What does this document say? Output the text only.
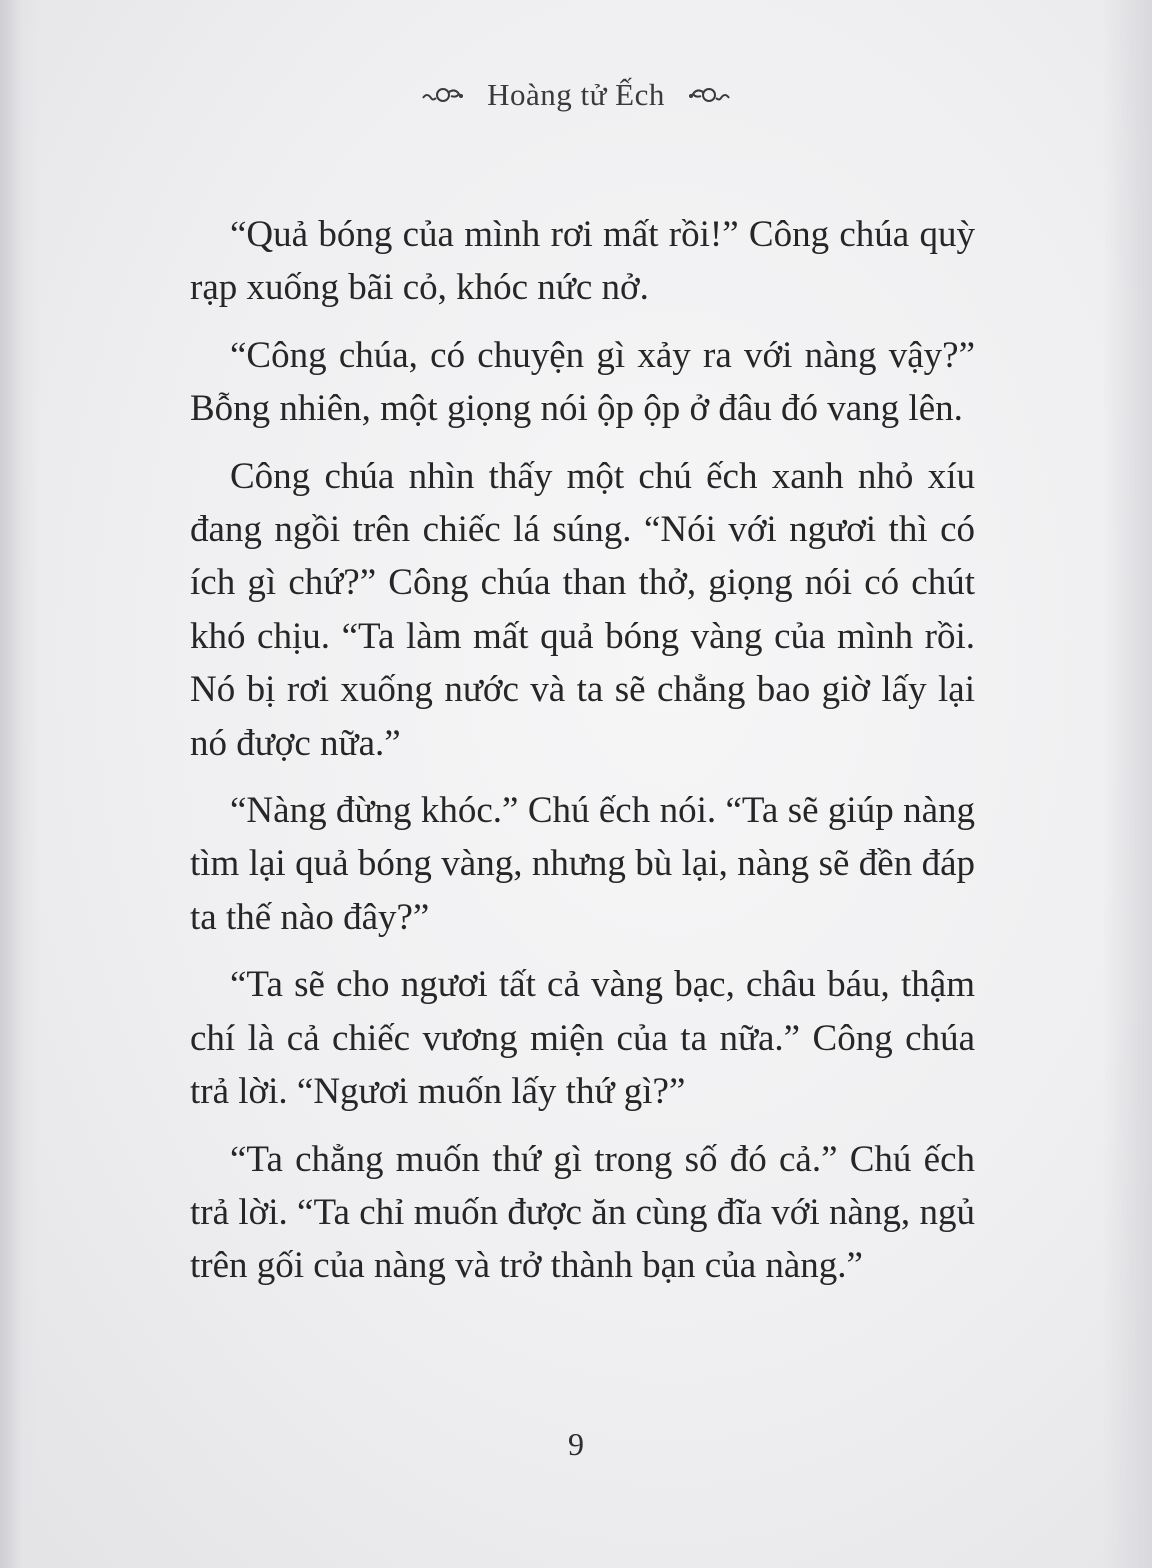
Hoàng tử Ếch

“Quả bóng của mình rơi mất rồi!” Công chúa quỳ rạp xuống bãi cỏ, khóc nức nở.

“Công chúa, có chuyện gì xảy ra với nàng vậy?” Bỗng nhiên, một giọng nói ộp ộp ở đâu đó vang lên.

Công chúa nhìn thấy một chú ếch xanh nhỏ xíu đang ngồi trên chiếc lá súng. “Nói với ngươi thì có ích gì chứ?” Công chúa than thở, giọng nói có chút khó chịu. “Ta làm mất quả bóng vàng của mình rồi. Nó bị rơi xuống nước và ta sẽ chẳng bao giờ lấy lại nó được nữa.”

“Nàng đừng khóc.” Chú ếch nói. “Ta sẽ giúp nàng tìm lại quả bóng vàng, nhưng bù lại, nàng sẽ đền đáp ta thế nào đây?”

“Ta sẽ cho ngươi tất cả vàng bạc, châu báu, thậm chí là cả chiếc vương miện của ta nữa.” Công chúa trả lời. “Ngươi muốn lấy thứ gì?”

“Ta chẳng muốn thứ gì trong số đó cả.” Chú ếch trả lời. “Ta chỉ muốn được ăn cùng đĩa với nàng, ngủ trên gối của nàng và trở thành bạn của nàng.”

9
